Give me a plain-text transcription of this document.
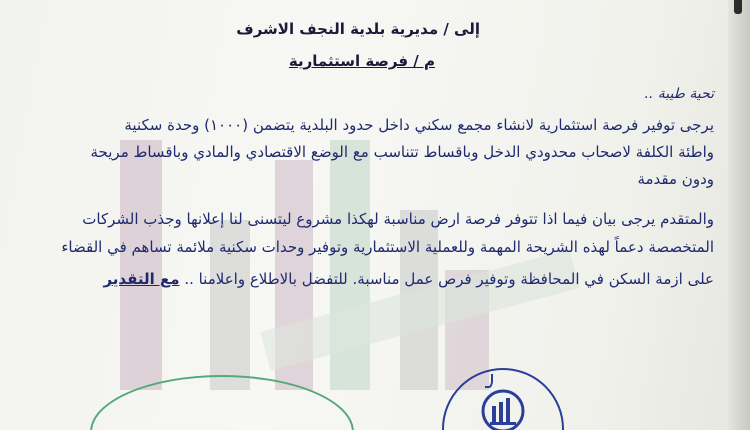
إلى / مديرية بلدية النجف الاشرف
م / فرصة استثمارية
تحية طيبة ..
يرجى توفير فرصة استثمارية لانشاء مجمع سكني داخل حدود البلدية يتضمن (١٠٠٠) وحدة سكنية
واطئة الكلفة لاصحاب محدودي الدخل وباقساط تتناسب مع الوضع الاقتصادي والمادي وباقساط مريحة
ودون مقدمة
والمتقدم يرجى بيان فيما اذا تتوفر فرصة ارض مناسبة لهكذا مشروع ليتسنى لنا إعلانها وجذب الشركات
المتخصصة دعماً لهذه الشريحة المهمة وللعملية الاستثمارية وتوفير وحدات سكنية ملائمة تساهم في القضاء
على ازمة السكن في المحافظة وتوفير فرص عمل مناسبة. للتفضل بالاطلاع واعلامنا .. مع التقدير
